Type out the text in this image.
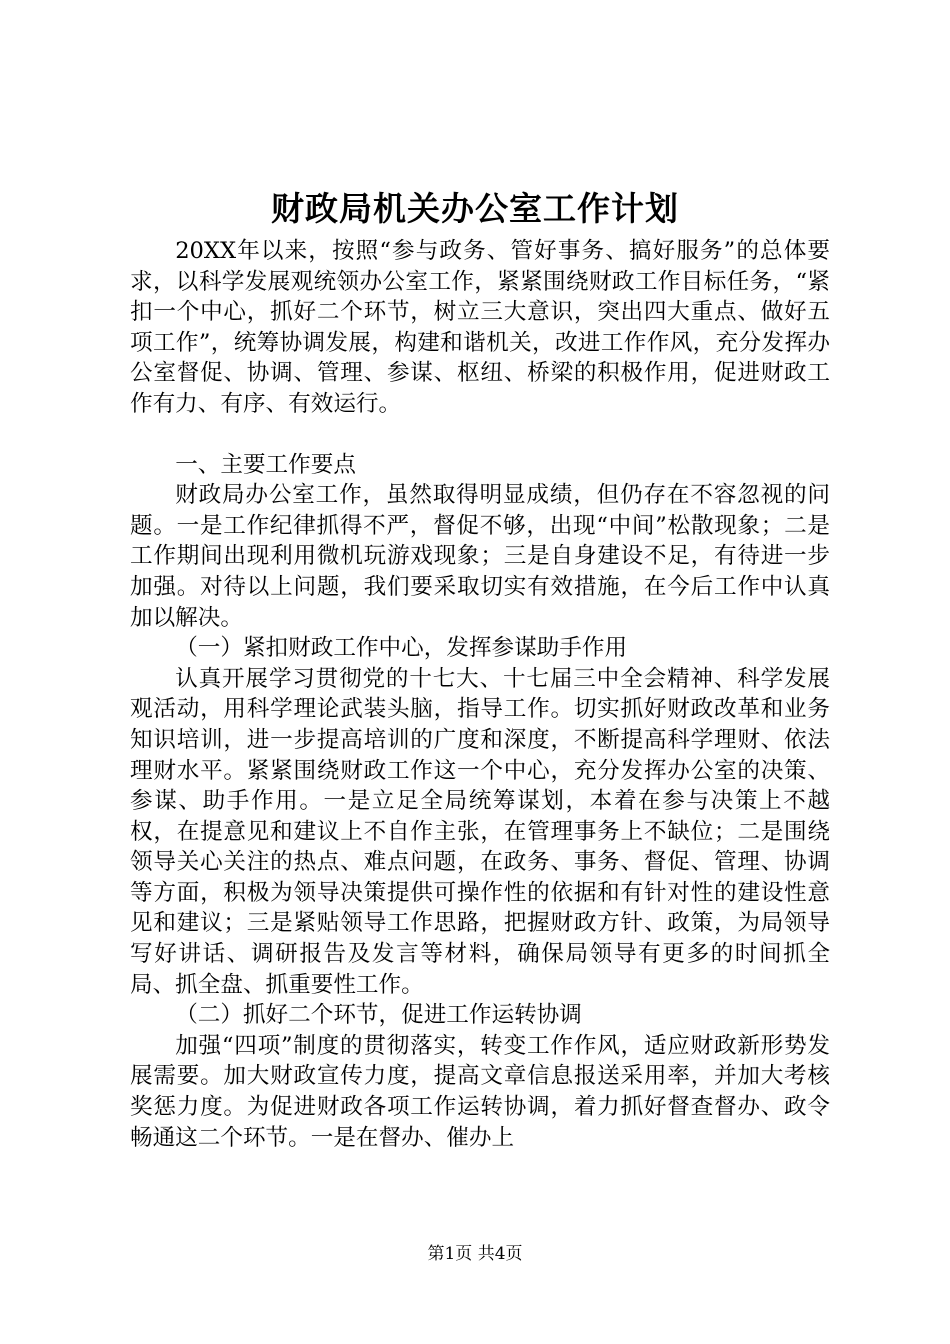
财政局机关办公室工作计划

20XX年以来，按照“参与政务、管好事务、搞好服务”的总体要求，以科学发展观统领办公室工作，紧紧围绕财政工作目标任务，“紧扣一个中心，抓好二个环节，树立三大意识，突出四大重点、做好五项工作”，统筹协调发展，构建和谐机关，改进工作作风，充分发挥办公室督促、协调、管理、参谋、枢纽、桥梁的积极作用，促进财政工作有力、有序、有效运行。

一、主要工作要点

财政局办公室工作，虽然取得明显成绩，但仍存在不容忽视的问题。一是工作纪律抓得不严，督促不够，出现“中间”松散现象；二是工作期间出现利用微机玩游戏现象；三是自身建设不足，有待进一步加强。对待以上问题，我们要采取切实有效措施，在今后工作中认真加以解决。

（一）紧扣财政工作中心，发挥参谋助手作用

认真开展学习贯彻党的十七大、十七届三中全会精神、科学发展观活动，用科学理论武装头脑，指导工作。切实抓好财政改革和业务知识培训，进一步提高培训的广度和深度，不断提高科学理财、依法理财水平。紧紧围绕财政工作这一个中心，充分发挥办公室的决策、参谋、助手作用。一是立足全局统筹谋划，本着在参与决策上不越权，在提意见和建议上不自作主张，在管理事务上不缺位；二是围绕领导关心关注的热点、难点问题，在政务、事务、督促、管理、协调等方面，积极为领导决策提供可操作性的依据和有针对性的建设性意见和建议；三是紧贴领导工作思路，把握财政方针、政策，为局领导写好讲话、调研报告及发言等材料，确保局领导有更多的时间抓全局、抓全盘、抓重要性工作。

（二）抓好二个环节，促进工作运转协调

加强“四项”制度的贯彻落实，转变工作作风，适应财政新形势发展需要。加大财政宣传力度，提高文章信息报送采用率，并加大考核奖惩力度。为促进财政各项工作运转协调，着力抓好督查督办、政令畅通这二个环节。一是在督办、催办上

第1页 共4页
